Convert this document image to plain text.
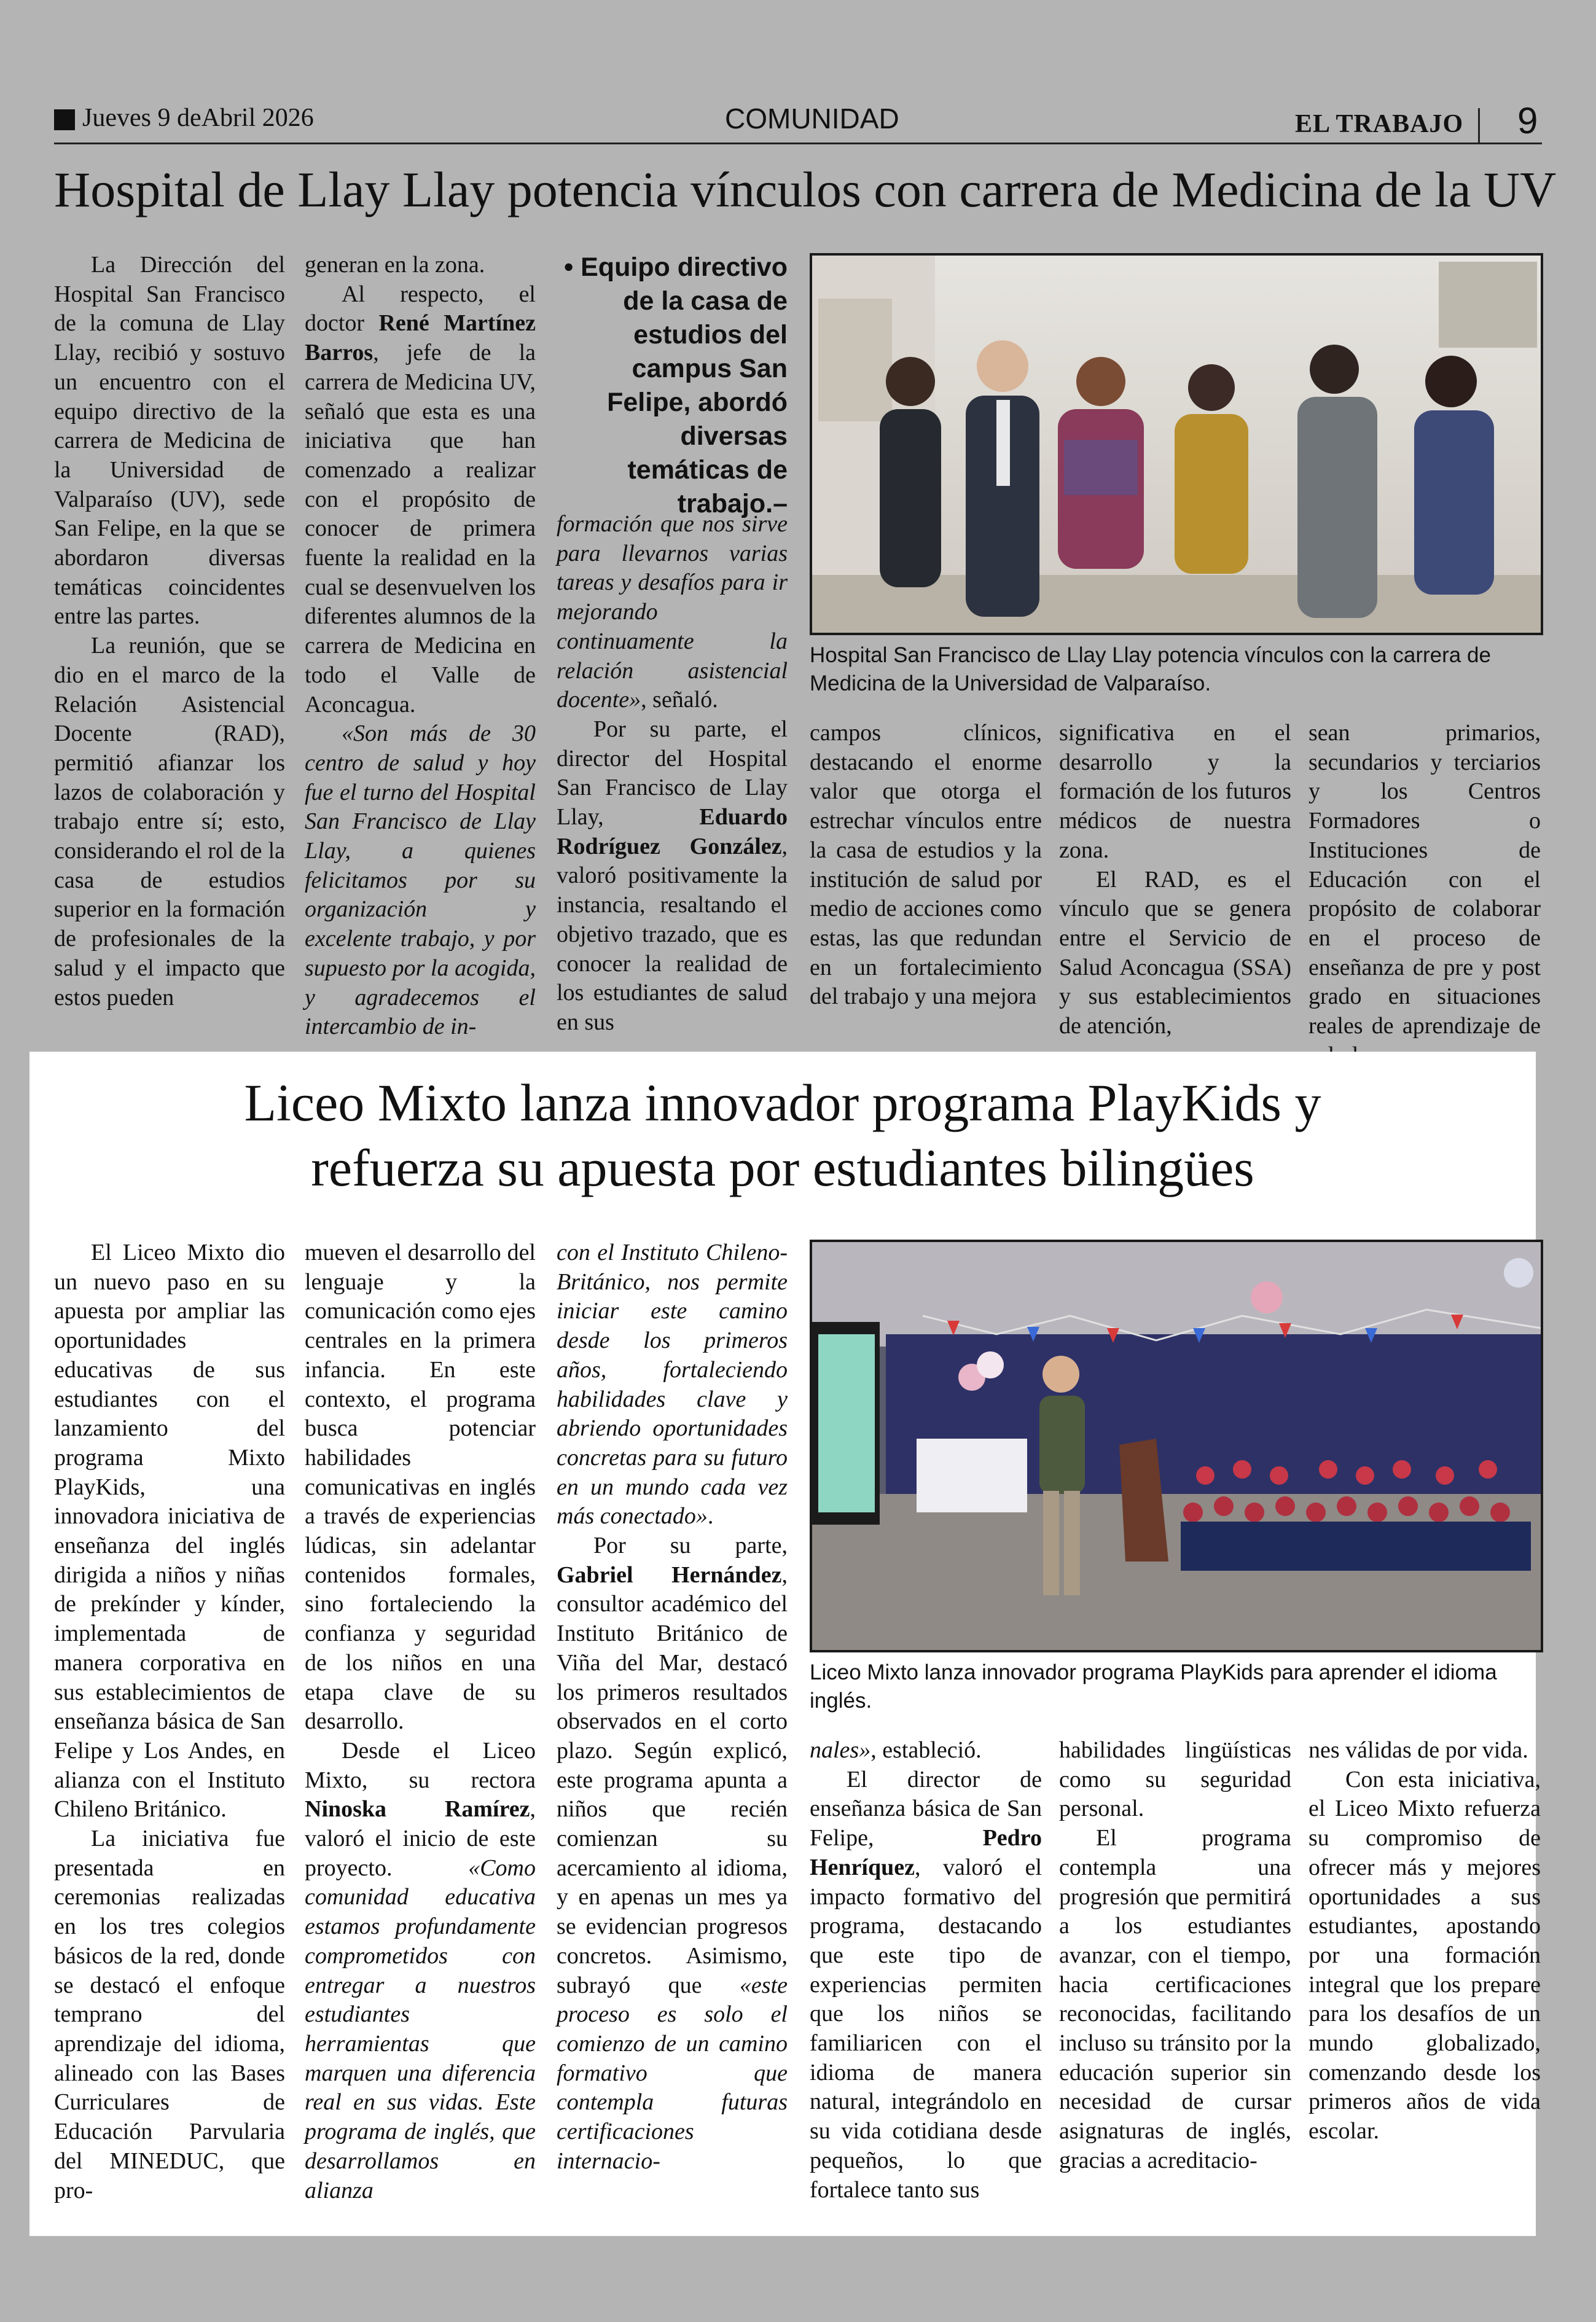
Jueves 9 deAbril 2026	COMUNIDAD	EL TRABAJO 9
Hospital de Llay Llay potencia vínculos con carrera de Medicina de la UV

La Dirección del Hospital San Francisco de la comuna de Llay Llay, recibió y sostuvo un encuentro con el equipo directivo de la carrera de Medicina de la Universidad de Valparaíso (UV), sede San Felipe, en la que se abordaron diversas temáticas coincidentes entre las partes.

La reunión, que se dio en el marco de la Relación Asistencial Docente (RAD), permitió afianzar los lazos de colaboración y trabajo entre sí; esto, considerando el rol de la casa de estudios superior en la formación de profesionales de la salud y el impacto que estos pueden

generan en la zona.

Al respecto, el doctor René Martínez Barros, jefe de la carrera de Medicina UV, señaló que esta es una iniciativa que han comenzado a realizar con el propósito de conocer de primera fuente la realidad en la cual se desenvuelven los diferentes alumnos de la carrera de Medicina en todo el Valle de Aconcagua.

«Son más de 30 centro de salud y hoy fue el turno del Hospital San Francisco de Llay Llay, a quienes felicitamos por su organización y excelente trabajo, y por supuesto por la acogida, y agradecemos el intercambio de in-

• Equipo directivo de la casa de estudios del campus San Felipe, abordó diversas temáticas de trabajo.–

formación que nos sirve para llevarnos varias tareas y desafíos para ir mejorando continuamente la relación asistencial docente», señaló.

Por su parte, el director del Hospital San Francisco de Llay Llay, Eduardo Rodríguez González, valoró positivamente la instancia, resaltando el objetivo trazado, que es conocer la realidad de los estudiantes de salud en sus

Hospital San Francisco de Llay Llay potencia vínculos con la carrera de Medicina de la Universidad de Valparaíso.

campos clínicos, destacando el enorme valor que otorga el estrechar vínculos entre la casa de estudios y la institución de salud por medio de acciones como estas, las que redundan en un fortalecimiento del trabajo y una mejora

significativa en el desarrollo y la formación de los futuros médicos de nuestra zona.

El RAD, es el vínculo que se genera entre el Servicio de Salud Aconcagua (SSA) y sus establecimientos de atención,

sean primarios, secundarios y terciarios y los Centros Formadores o Instituciones de Educación con el propósito de colaborar en el proceso de enseñanza de pre y post grado en situaciones reales de aprendizaje de

Liceo Mixto lanza innovador programa PlayKids y
refuerza su apuesta por estudiantes bilingües

El Liceo Mixto dio un nuevo paso en su apuesta por ampliar las oportunidades educativas de sus estudiantes con el lanzamiento del programa Mixto PlayKids, una innovadora iniciativa de enseñanza del inglés dirigida a niños y niñas de prekínder y kínder, implementada de manera corporativa en sus establecimientos de enseñanza básica de San Felipe y Los Andes, en alianza con el Instituto Chileno Británico.

La iniciativa fue presentada en ceremonias realizadas en los tres colegios básicos de la red, donde se destacó el enfoque temprano del aprendizaje del idioma, alineado con las Bases Curriculares de Educación Parvularia del MINEDUC, que pro-

mueven el desarrollo del lenguaje y la comunicación como ejes centrales en la primera infancia. En este contexto, el programa busca potenciar habilidades comunicativas en inglés a través de experiencias lúdicas, sin adelantar contenidos formales, sino fortaleciendo la confianza y seguridad de los niños en una etapa clave de su desarrollo.

Desde el Liceo Mixto, su rectora Ninoska Ramírez, valoró el inicio de este proyecto. «Como comunidad educativa estamos profundamente comprometidos con entregar a nuestros estudiantes herramientas que marquen una diferencia real en sus vidas. Este programa de inglés, que desarrollamos en alianza

con el Instituto Chileno-Británico, nos permite iniciar este camino desde los primeros años, fortaleciendo habilidades clave y abriendo oportunidades concretas para su futuro en un mundo cada vez más conectado».

Por su parte, Gabriel Hernández, consultor académico del Instituto Británico de Viña del Mar, destacó los primeros resultados observados en el corto plazo. Según explicó, este programa apunta a niños que recién comienzan su acercamiento al idioma, y en apenas un mes ya se evidencian progresos concretos. Asimismo, subrayó que «este proceso es solo el comienzo de un camino formativo que contempla futuras certificaciones internacio-

Liceo Mixto lanza innovador programa PlayKids para aprender el idioma inglés.

nales», estableció.

El director de enseñanza básica de San Felipe, Pedro Henríquez, valoró el impacto formativo del programa, destacando que este tipo de experiencias permiten que los niños se familiaricen con el idioma de manera natural, integrándolo en su vida cotidiana desde pequeños, lo que fortalece tanto sus

habilidades lingüísticas como su seguridad personal.

El programa contempla una progresión que permitirá a los estudiantes avanzar, con el tiempo, hacia certificaciones reconocidas, facilitando incluso su tránsito por la educación superior sin necesidad de cursar asignaturas de inglés, gracias a acreditacio-

nes válidas de por vida.

Con esta iniciativa, el Liceo Mixto refuerza su compromiso de ofrecer más y mejores oportunidades a sus estudiantes, apostando por una formación integral que los prepare para los desafíos de un mundo globalizado, comenzando desde los primeros años de vida escolar.
